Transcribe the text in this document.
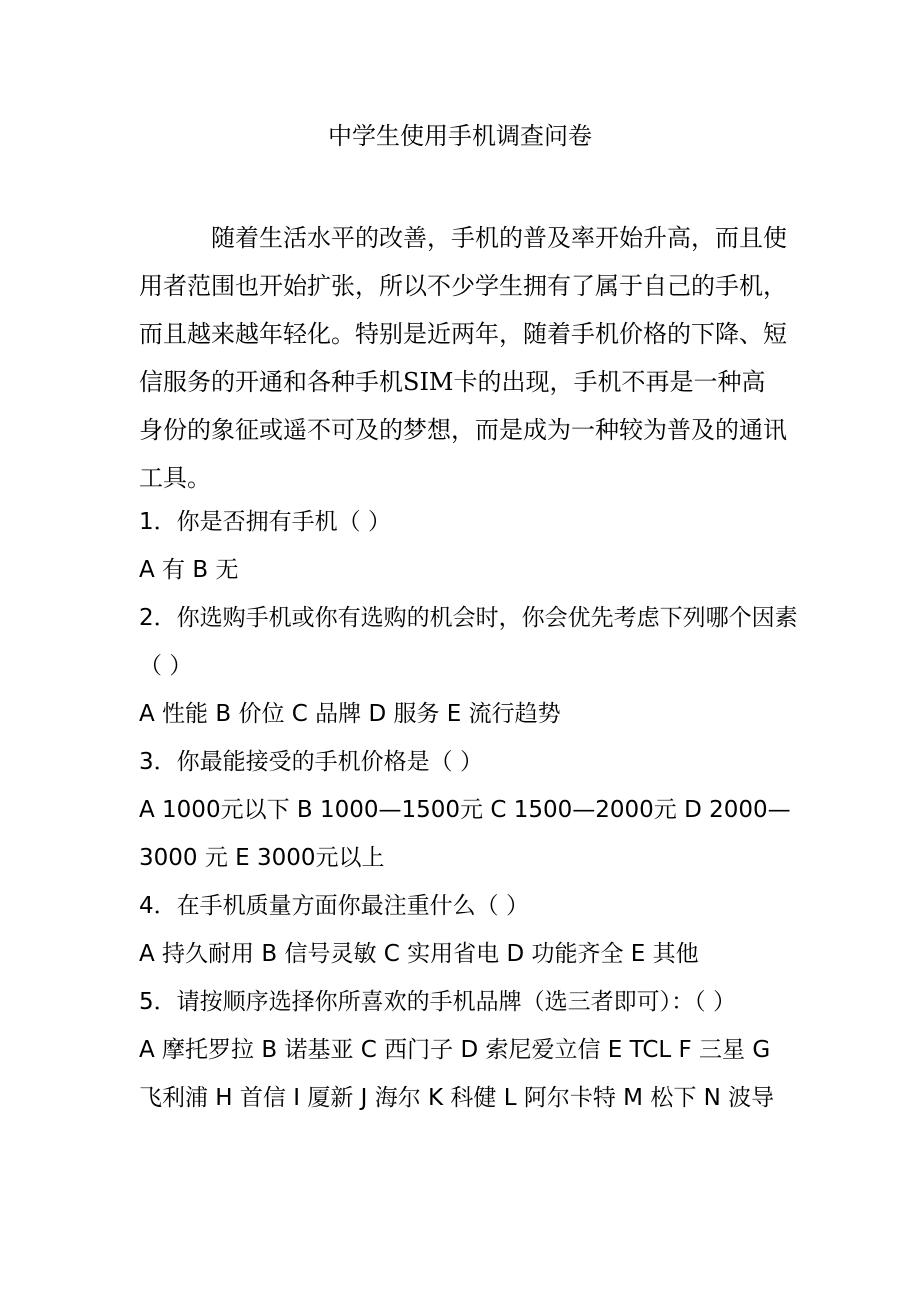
中学生使用手机调查问卷

随着生活水平的改善，手机的普及率开始升高，而且使用者范围也开始扩张，所以不少学生拥有了属于自己的手机，而且越来越年轻化。特别是近两年，随着手机价格的下降、短信服务的开通和各种手机SIM卡的出现，手机不再是一种高身份的象征或遥不可及的梦想，而是成为一种较为普及的通讯工具。

1．你是否拥有手机（ ）
A 有 B 无
2．你选购手机或你有选购的机会时，你会优先考虑下列哪个因素（ ）
A 性能 B 价位 C 品牌 D 服务 E 流行趋势
3．你最能接受的手机价格是（ ）
A 1000元以下 B 1000—1500元 C 1500—2000元 D 2000—3000 元 E 3000元以上
4．在手机质量方面你最注重什么（ ）
A 持久耐用 B 信号灵敏 C 实用省电 D 功能齐全 E 其他
5．请按顺序选择你所喜欢的手机品牌（选三者即可）：（ ）
A 摩托罗拉 B 诺基亚 C 西门子 D 索尼爱立信 E TCL F 三星 G 飞利浦 H 首信 I 厦新 J 海尔 K 科健 L 阿尔卡特 M 松下 N 波导
